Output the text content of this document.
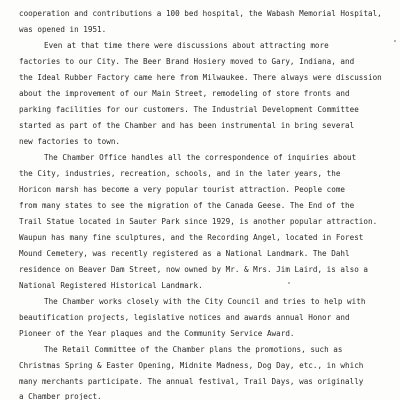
cooperation and contributions a 100 bed hospital, the Wabash Memorial Hospital,
was opened in 1951.
Even at that time there were discussions about attracting more
factories to our City. The Beer Brand Hosiery moved to Gary, Indiana, and
the Ideal Rubber Factory came here from Milwaukee. There always were discussion
about the improvement of our Main Street, remodeling of store fronts and
parking facilities for our customers. The Industrial Development Committee
started as part of the Chamber and has been instrumental in bring several
new factories to town.
The Chamber Office handles all the correspondence of inquiries about
the City, industries, recreation, schools, and in the later years, the
Horicon marsh has become a very popular tourist attraction. People come
from many states to see the migration of the Canada Geese. The End of the
Trail Statue located in Sauter Park since 1929, is another popular attraction.
Waupun has many fine sculptures, and the Recording Angel, located in Forest
Mound Cemetery, was recently registered as a National Landmark. The Dahl
residence on Beaver Dam Street, now owned by Mr. & Mrs. Jim Laird, is also a
National Registered Historical Landmark.
The Chamber works closely with the City Council and tries to help with
beautification projects, legislative notices and awards annual Honor and
Pioneer of the Year plaques and the Community Service Award.
The Retail Committee of the Chamber plans the promotions, such as
Christmas Spring & Easter Opening, Midnite Madness, Dog Day, etc., in which
many merchants participate. The annual festival, Trail Days, was originally
a Chamber project.
